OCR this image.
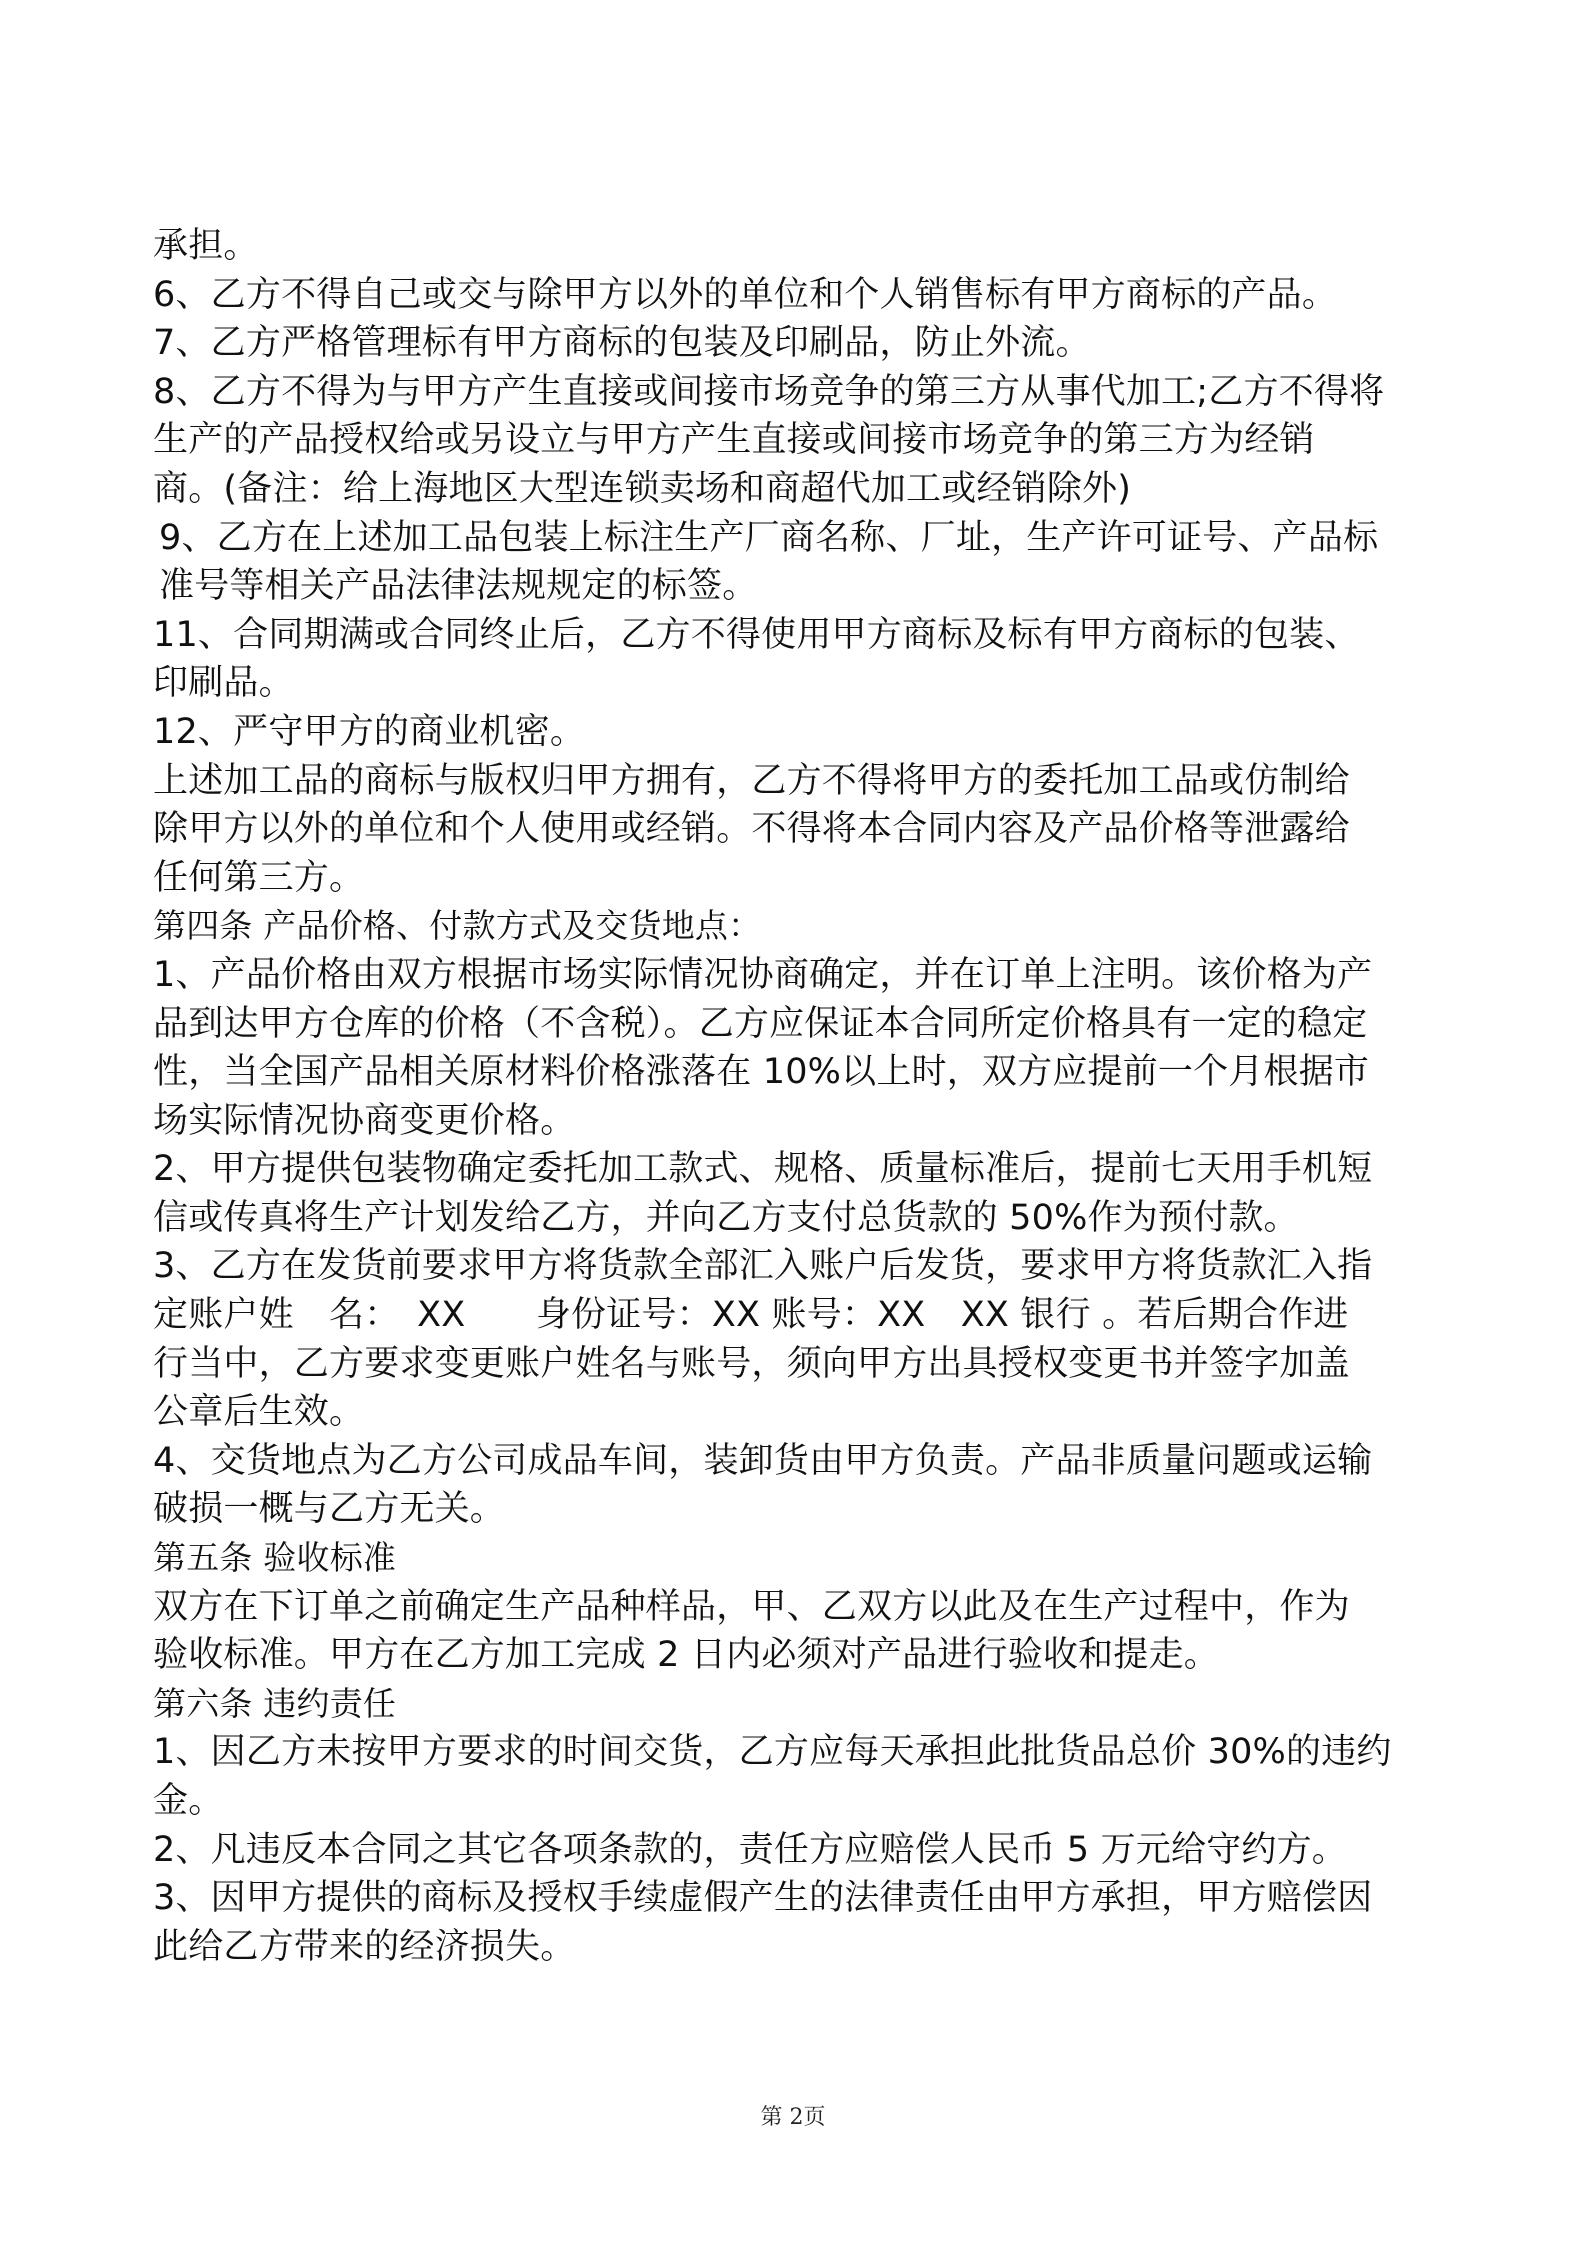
承担。
6、乙方不得自己或交与除甲方以外的单位和个人销售标有甲方商标的产品。
7、乙方严格管理标有甲方商标的包装及印刷品，防止外流。
8、乙方不得为与甲方产生直接或间接市场竞争的第三方从事代加工;乙方不得将
生产的产品授权给或另设立与甲方产生直接或间接市场竞争的第三方为经销
商。(备注：给上海地区大型连锁卖场和商超代加工或经销除外)
9、乙方在上述加工品包装上标注生产厂商名称、厂址，生产许可证号、产品标
准号等相关产品法律法规规定的标签。
11、合同期满或合同终止后，乙方不得使用甲方商标及标有甲方商标的包装、
印刷品。
12、严守甲方的商业机密。
上述加工品的商标与版权归甲方拥有，乙方不得将甲方的委托加工品或仿制给
除甲方以外的单位和个人使用或经销。不得将本合同内容及产品价格等泄露给
任何第三方。
第四条 产品价格、付款方式及交货地点：
1、产品价格由双方根据市场实际情况协商确定，并在订单上注明。该价格为产
品到达甲方仓库的价格（不含税）。乙方应保证本合同所定价格具有一定的稳定
性，当全国产品相关原材料价格涨落在 10%以上时，双方应提前一个月根据市
场实际情况协商变更价格。
2、甲方提供包装物确定委托加工款式、规格、质量标准后，提前七天用手机短
信或传真将生产计划发给乙方，并向乙方支付总货款的 50%作为预付款。
3、乙方在发货前要求甲方将货款全部汇入账户后发货，要求甲方将货款汇入指
定账户姓　名：　XX　　身份证号：XX 账号：XX　XX 银行 。若后期合作进
行当中，乙方要求变更账户姓名与账号，须向甲方出具授权变更书并签字加盖
公章后生效。
4、交货地点为乙方公司成品车间，装卸货由甲方负责。产品非质量问题或运输
破损一概与乙方无关。
第五条 验收标准
双方在下订单之前确定生产品种样品，甲、乙双方以此及在生产过程中，作为
验收标准。甲方在乙方加工完成 2 日内必须对产品进行验收和提走。
第六条 违约责任
1、因乙方未按甲方要求的时间交货，乙方应每天承担此批货品总价 30%的违约
金。
2、凡违反本合同之其它各项条款的，责任方应赔偿人民币 5 万元给守约方。
3、因甲方提供的商标及授权手续虚假产生的法律责任由甲方承担，甲方赔偿因
此给乙方带来的经济损失。
第 2页
